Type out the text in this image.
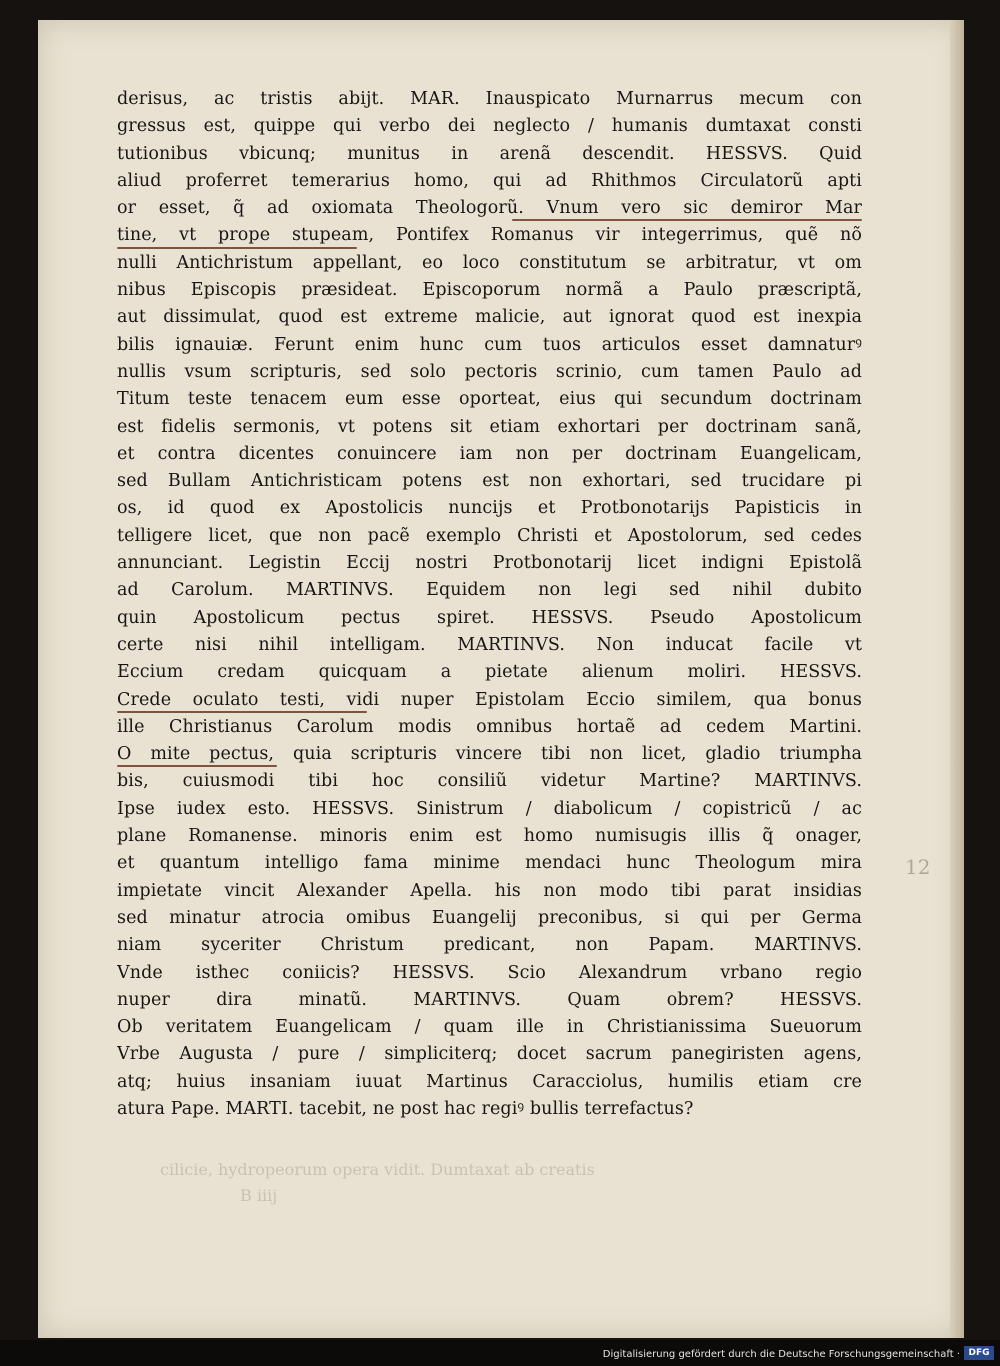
cilicie, hydropeorum opera vidit. Dumtaxat ab creatis
B iiij
derisus, ac tristis abijt. MAR. Inauspicato Murnarrus mecum con
gressus est, quippe qui verbo dei neglecto / humanis dumtaxat consti
tutionibus vbicunq; munitus in arenã descendit. HESSVS. Quid
aliud proferret temerarius homo, qui ad Rhithmos Circulatorũ apti
or esset, q̃ ad oxiomata Theologorũ. Vnum vero sic demiror Mar
tine, vt prope stupeam, Pontifex Romanus vir integerrimus, quẽ nõ
nulli Antichristum appellant, eo loco constitutum se arbitratur, vt om
nibus Episcopis præsideat. Episcoporum normã a Paulo præscriptã,
aut dissimulat, quod est extreme malicie, aut ignorat quod est inexpia
bilis ignauiæ. Ferunt enim hunc cum tuos articulos esset damnaturꝰ
nullis vsum scripturis, sed solo pectoris scrinio, cum tamen Paulo ad
Titum teste tenacem eum esse oporteat, eius qui secundum doctrinam
est fidelis sermonis, vt potens sit etiam exhortari per doctrinam sanã,
et contra dicentes conuincere iam non per doctrinam Euangelicam,
sed Bullam Antichristicam potens est non exhortari, sed trucidare pi
os, id quod ex Apostolicis nuncijs et Protbonotarijs Papisticis in
telligere licet, que non pacẽ exemplo Christi et Apostolorum, sed cedes
annunciant. Legistin Eccij nostri Protbonotarij licet indigni Epistolã
ad Carolum. MARTINVS. Equidem non legi sed nihil dubito
quin Apostolicum pectus spiret. HESSVS. Pseudo Apostolicum
certe nisi nihil intelligam. MARTINVS. Non inducat facile vt
Eccium credam quicquam a pietate alienum moliri. HESSVS.
Crede oculato testi, vidi nuper Epistolam Eccio similem, qua bonus
ille Christianus Carolum modis omnibus hortaẽ ad cedem Martini.
O mite pectus, quia scripturis vincere tibi non licet, gladio triumpha
bis, cuiusmodi tibi hoc consiliũ videtur Martine? MARTINVS.
Ipse iudex esto. HESSVS. Sinistrum / diabolicum / copistricũ / ac
plane Romanense. minoris enim est homo numisugis illis q̃ onager,
et quantum intelligo fama minime mendaci hunc Theologum mira
impietate vincit Alexander Apella. his non modo tibi parat insidias
sed minatur atrocia omibus Euangelij preconibus, si qui per Germa
niam syceriter Christum predicant, non Papam. MARTINVS.
Vnde isthec coniicis? HESSVS. Scio Alexandrum vrbano regio
nuper dira minatũ. MARTINVS. Quam obrem? HESSVS.
Ob veritatem Euangelicam / quam ille in Christianissima Sueuorum
Vrbe Augusta / pure / simpliciterq; docet sacrum panegiristen agens,
atq; huius insaniam iuuat Martinus Caracciolus, humilis etiam cre
atura Pape. MARTI. tacebit, ne post hac regiꝰ bullis terrefactus?
12
Digitalisierung gefördert durch die Deutsche Forschungsgemeinschaft · DFG
